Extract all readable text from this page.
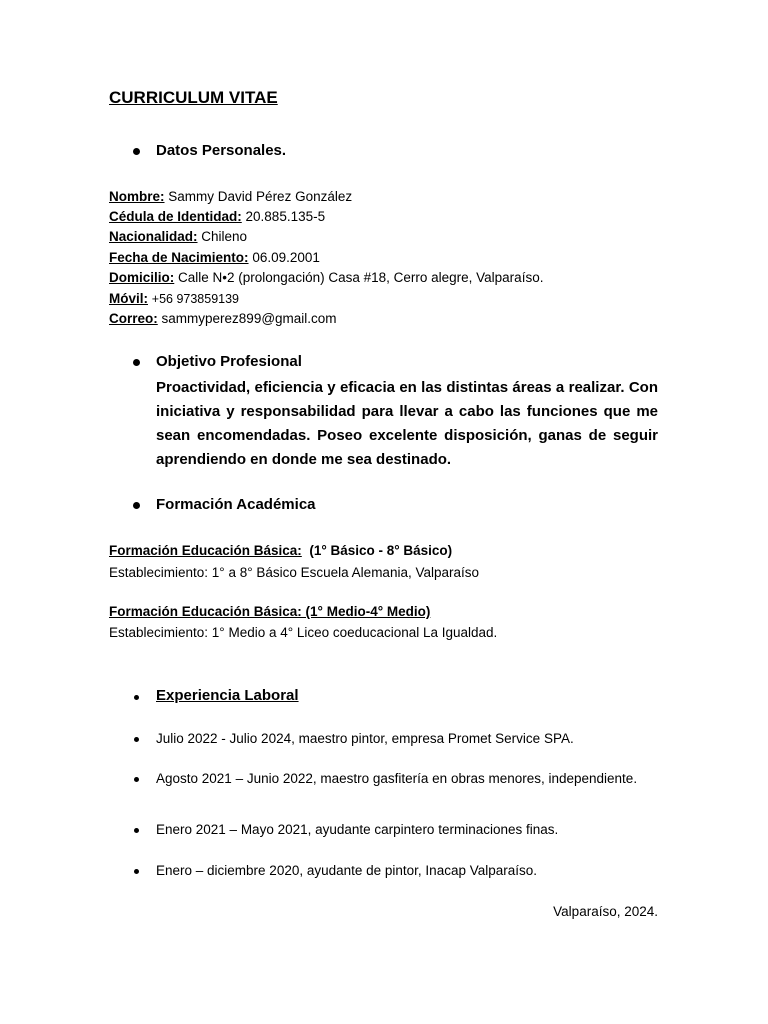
CURRICULUM VITAE
Datos Personales.
Nombre: Sammy David Pérez González
Cédula de Identidad: 20.885.135-5
Nacionalidad: Chileno
Fecha de Nacimiento: 06.09.2001
Domicilio: Calle N•2 (prolongación) Casa #18, Cerro alegre, Valparaíso.
Móvil: +56 973859139
Correo: sammyperez899@gmail.com
Objetivo Profesional
Proactividad, eficiencia y eficacia en las distintas áreas a realizar. Con iniciativa y responsabilidad para llevar a cabo las funciones que me sean encomendadas. Poseo excelente disposición, ganas de seguir aprendiendo en donde me sea destinado.
Formación Académica
Formación Educación Básica: (1° Básico - 8° Básico)
Establecimiento: 1° a 8° Básico Escuela Alemania, Valparaíso
Formación Educación Básica: (1° Medio-4° Medio)
Establecimiento: 1° Medio a 4° Liceo coeducacional La Igualdad.
Experiencia Laboral
Julio 2022 - Julio 2024, maestro pintor, empresa Promet Service SPA.
Agosto 2021 – Junio 2022, maestro gasfitería en obras menores, independiente.
Enero 2021 – Mayo 2021, ayudante carpintero terminaciones finas.
Enero – diciembre 2020, ayudante de pintor, Inacap Valparaíso.
Valparaíso, 2024.
